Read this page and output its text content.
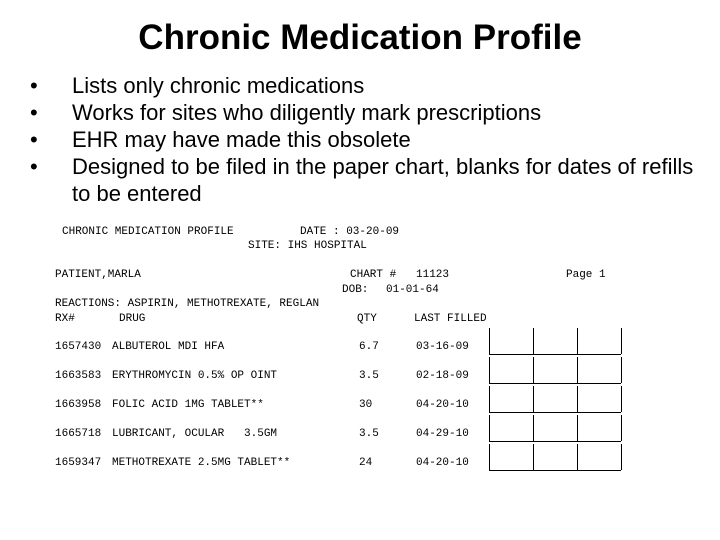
Chronic Medication Profile
• Lists only chronic medications
• Works for sites who diligently mark prescriptions
• EHR may have made this obsolete
• Designed to be filed in the paper chart, blanks for dates of refills to be entered
CHRONIC MEDICATION PROFILE	DATE : 03-20-09
SITE: IHS HOSPITAL
PATIENT,MARLA	CHART # 11123	Page 1
DOB: 01-01-64
REACTIONS: ASPIRIN, METHOTREXATE, REGLAN
RX#	DRUG	QTY	LAST FILLED
1657430 ALBUTEROL MDI HFA	6.7	03-16-09
1663583 ERYTHROMYCIN 0.5% OP OINT	3.5	02-18-09
1663958 FOLIC ACID 1MG TABLET**	30	04-20-10
1665718 LUBRICANT, OCULAR   3.5GM	3.5	04-29-10
1659347 METHOTREXATE 2.5MG TABLET**	24	04-20-10
